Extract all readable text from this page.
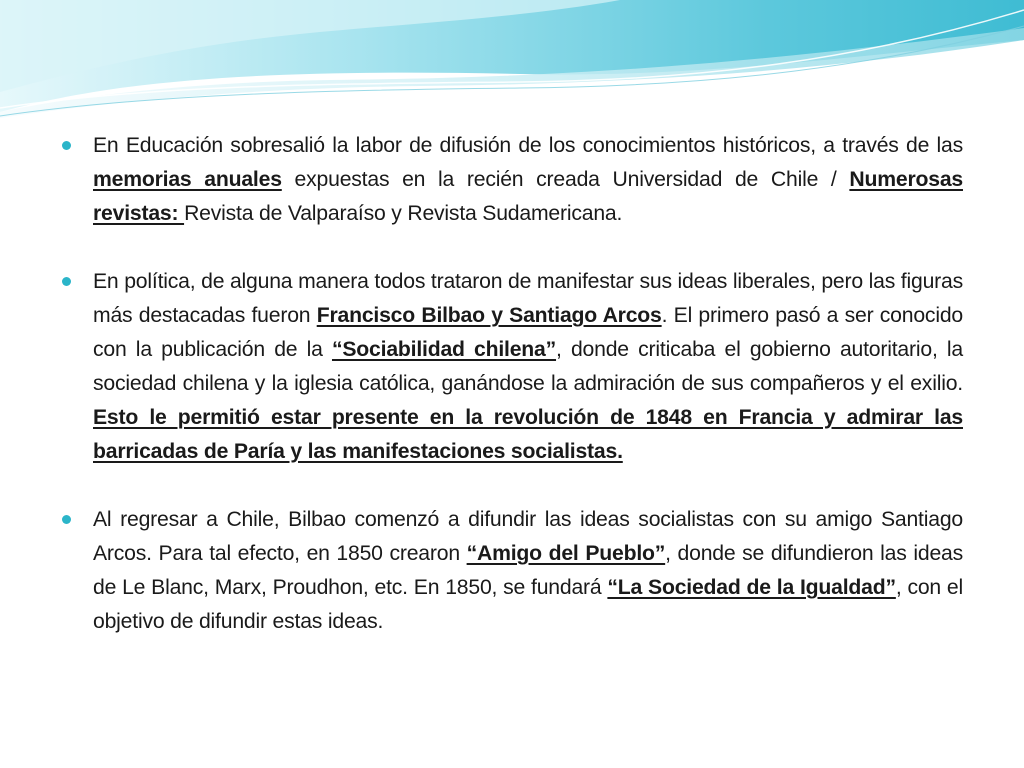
En Educación sobresalió la labor de difusión de los conocimientos históricos, a través de las memorias anuales expuestas en la recién creada Universidad de Chile / Numerosas revistas: Revista de Valparaíso y Revista Sudamericana.

En política, de alguna manera todos trataron de manifestar sus ideas liberales, pero las figuras más destacadas fueron Francisco Bilbao y Santiago Arcos. El primero pasó a ser conocido con la publicación de la “Sociabilidad chilena”, donde criticaba el gobierno autoritario, la sociedad chilena y la iglesia católica, ganándose la admiración de sus compañeros y el exilio. Esto le permitió estar presente en la revolución de 1848 en Francia y admirar las barricadas de Paría y las manifestaciones socialistas.

Al regresar a Chile, Bilbao comenzó a difundir las ideas socialistas con su amigo Santiago Arcos. Para tal efecto, en 1850 crearon “Amigo del Pueblo”, donde se difundieron las ideas de Le Blanc, Marx, Proudhon, etc. En 1850, se fundará “La Sociedad de la Igualdad”, con el objetivo de difundir estas ideas.
